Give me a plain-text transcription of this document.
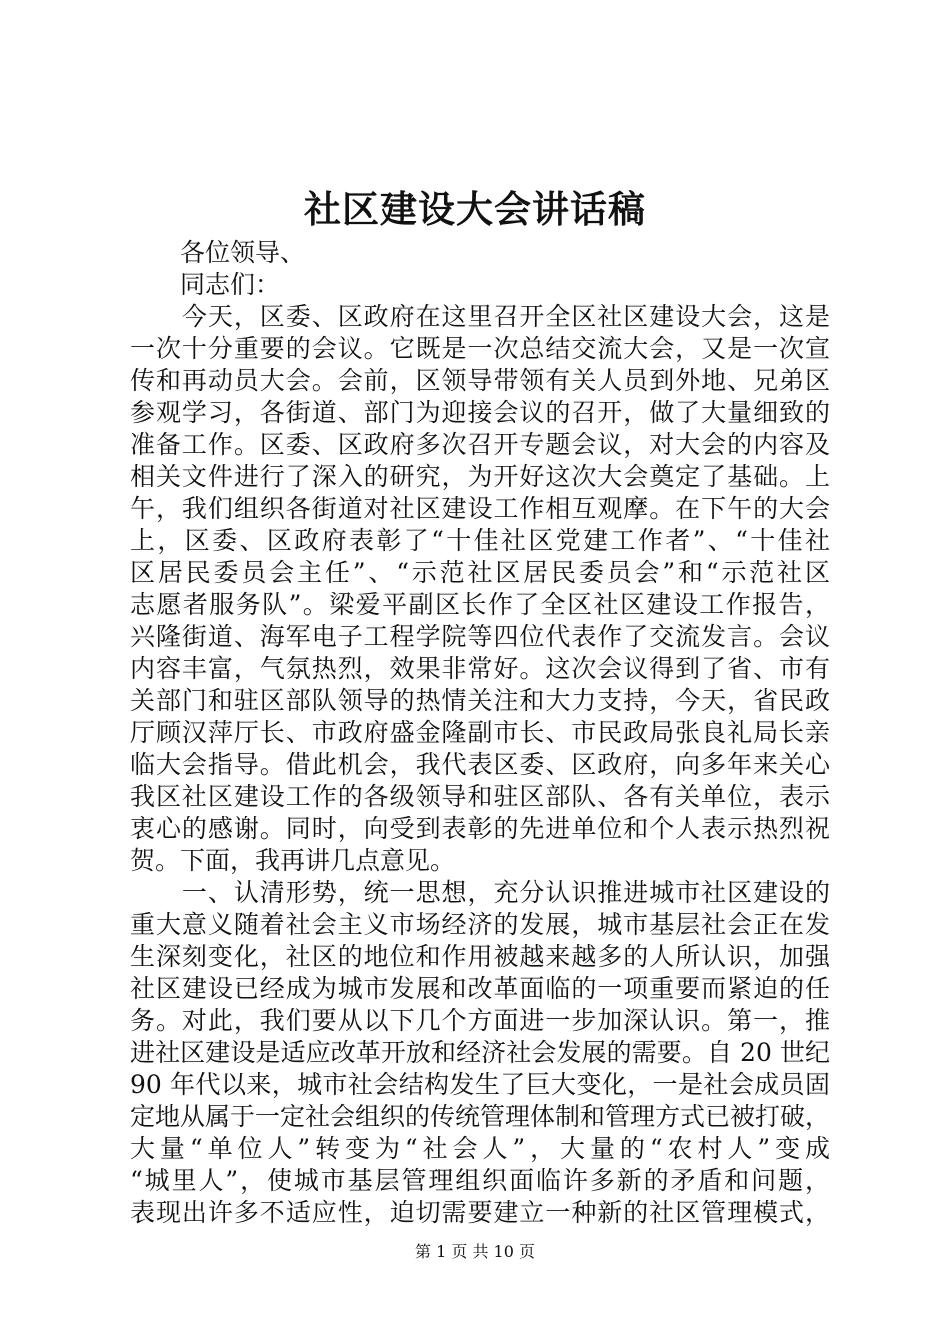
社区建设大会讲话稿
　　各位领导、
　　同志们：
　　今天，区委、区政府在这里召开全区社区建设大会，这是
一次十分重要的会议。它既是一次总结交流大会，又是一次宣
传和再动员大会。会前，区领导带领有关人员到外地、兄弟区
参观学习，各街道、部门为迎接会议的召开，做了大量细致的
准备工作。区委、区政府多次召开专题会议，对大会的内容及
相关文件进行了深入的研究，为开好这次大会奠定了基础。上
午，我们组织各街道对社区建设工作相互观摩。在下午的大会
上，区委、区政府表彰了“十佳社区党建工作者”、“十佳社
区居民委员会主任”、“示范社区居民委员会”和“示范社区
志愿者服务队”。梁爱平副区长作了全区社区建设工作报告，
兴隆街道、海军电子工程学院等四位代表作了交流发言。会议
内容丰富，气氛热烈，效果非常好。这次会议得到了省、市有
关部门和驻区部队领导的热情关注和大力支持，今天，省民政
厅顾汉萍厅长、市政府盛金隆副市长、市民政局张良礼局长亲
临大会指导。借此机会，我代表区委、区政府，向多年来关心
我区社区建设工作的各级领导和驻区部队、各有关单位，表示
衷心的感谢。同时，向受到表彰的先进单位和个人表示热烈祝
贺。下面，我再讲几点意见。
　　一、认清形势，统一思想，充分认识推进城市社区建设的
重大意义随着社会主义市场经济的发展，城市基层社会正在发
生深刻变化，社区的地位和作用被越来越多的人所认识，加强
社区建设已经成为城市发展和改革面临的一项重要而紧迫的任
务。对此，我们要从以下几个方面进一步加深认识。第一，推
进社区建设是适应改革开放和经济社会发展的需要。自 20 世纪
90 年代以来，城市社会结构发生了巨大变化，一是社会成员固
定地从属于一定社会组织的传统管理体制和管理方式已被打破，
大量“单位人”转变为“社会人”，大量的“农村人”变成
“城里人”，使城市基层管理组织面临许多新的矛盾和问题，
表现出许多不适应性，迫切需要建立一种新的社区管理模式，
第 1 页 共 10 页
